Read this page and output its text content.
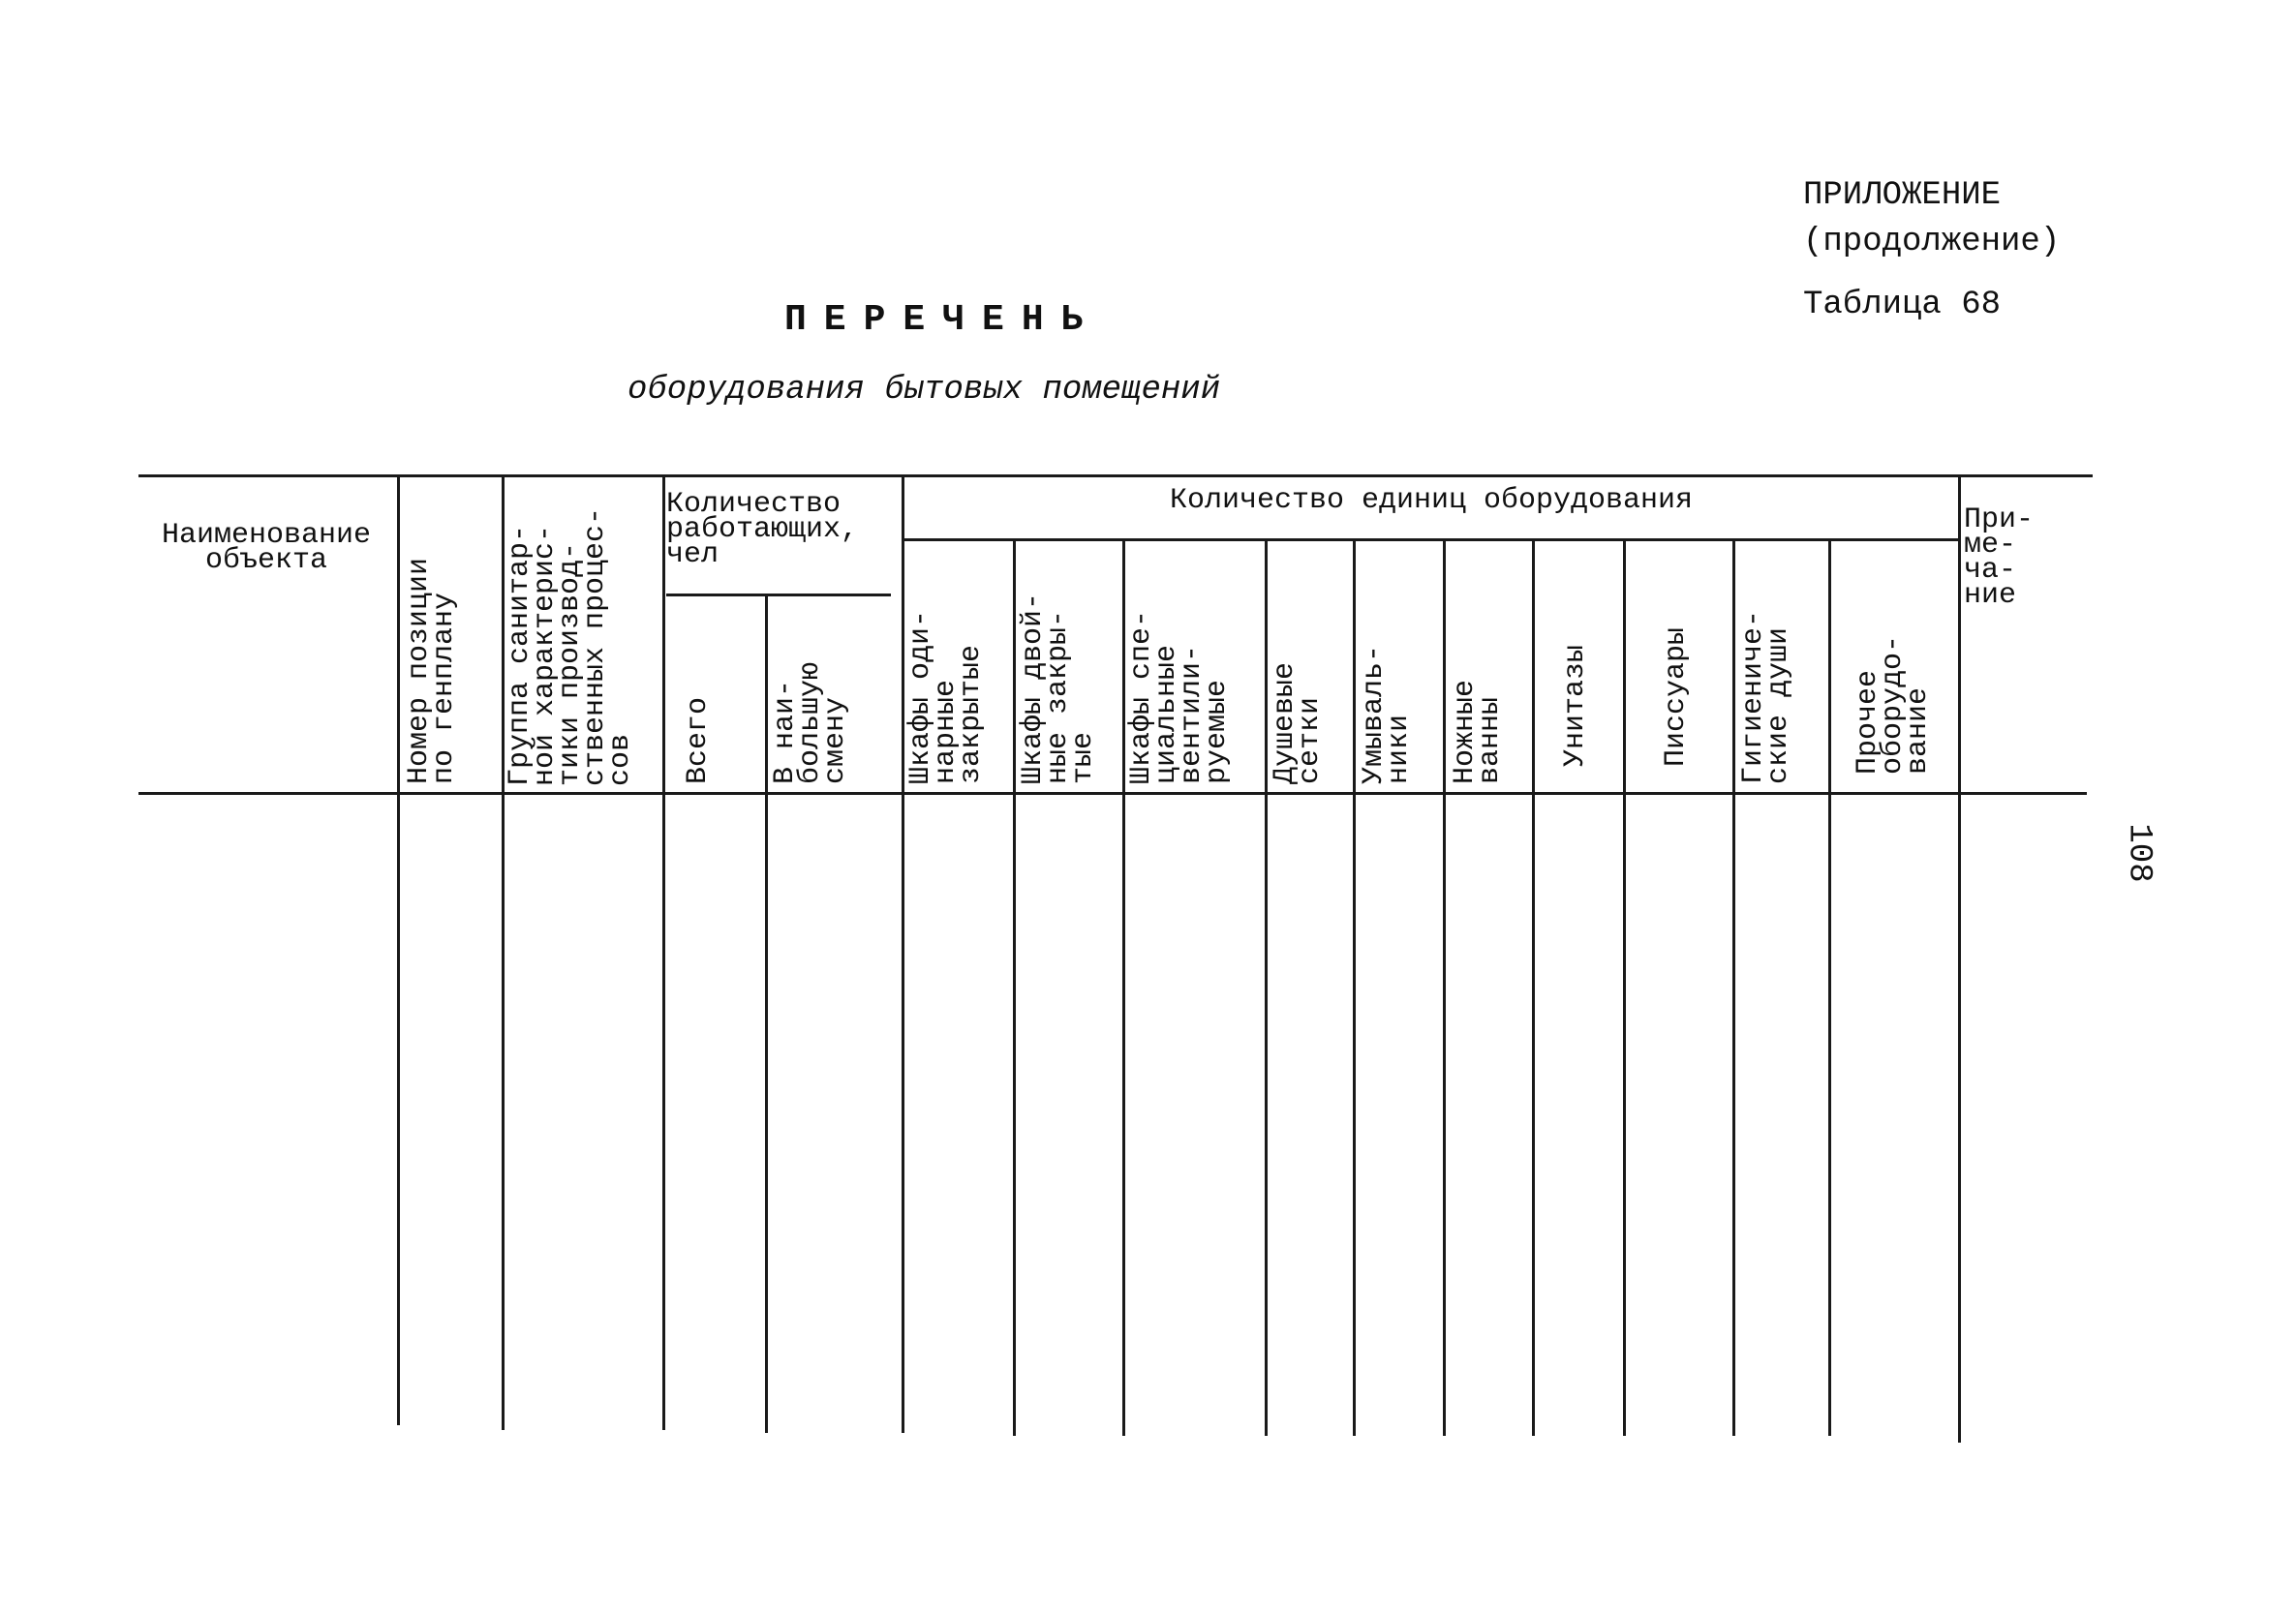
ПРИЛОЖЕНИЕ
(продолжение)
Таблица 68
ПЕРЕЧЕНЬ
оборудования бытовых помещений
108
Наименование
объекта
Количество
работающих,
чел
Количество единиц оборудования
При-
ме-
ча-
ние
Номер позиции
по генплану
Группа санитар-
ной характерис-
тики производ-
ственных процес-
сов Всего В наи-
большую
смену Шкафы оди-
нарные
закрытые Шкафы двой-
ные закры-
тые Шкафы спе-
циальные
вентили-
руемые Душевые
сетки Умываль-
ники Ножные
ванны Унитазы Писсуары Гигиениче-
ские души
Прочее
оборудо-
вание
